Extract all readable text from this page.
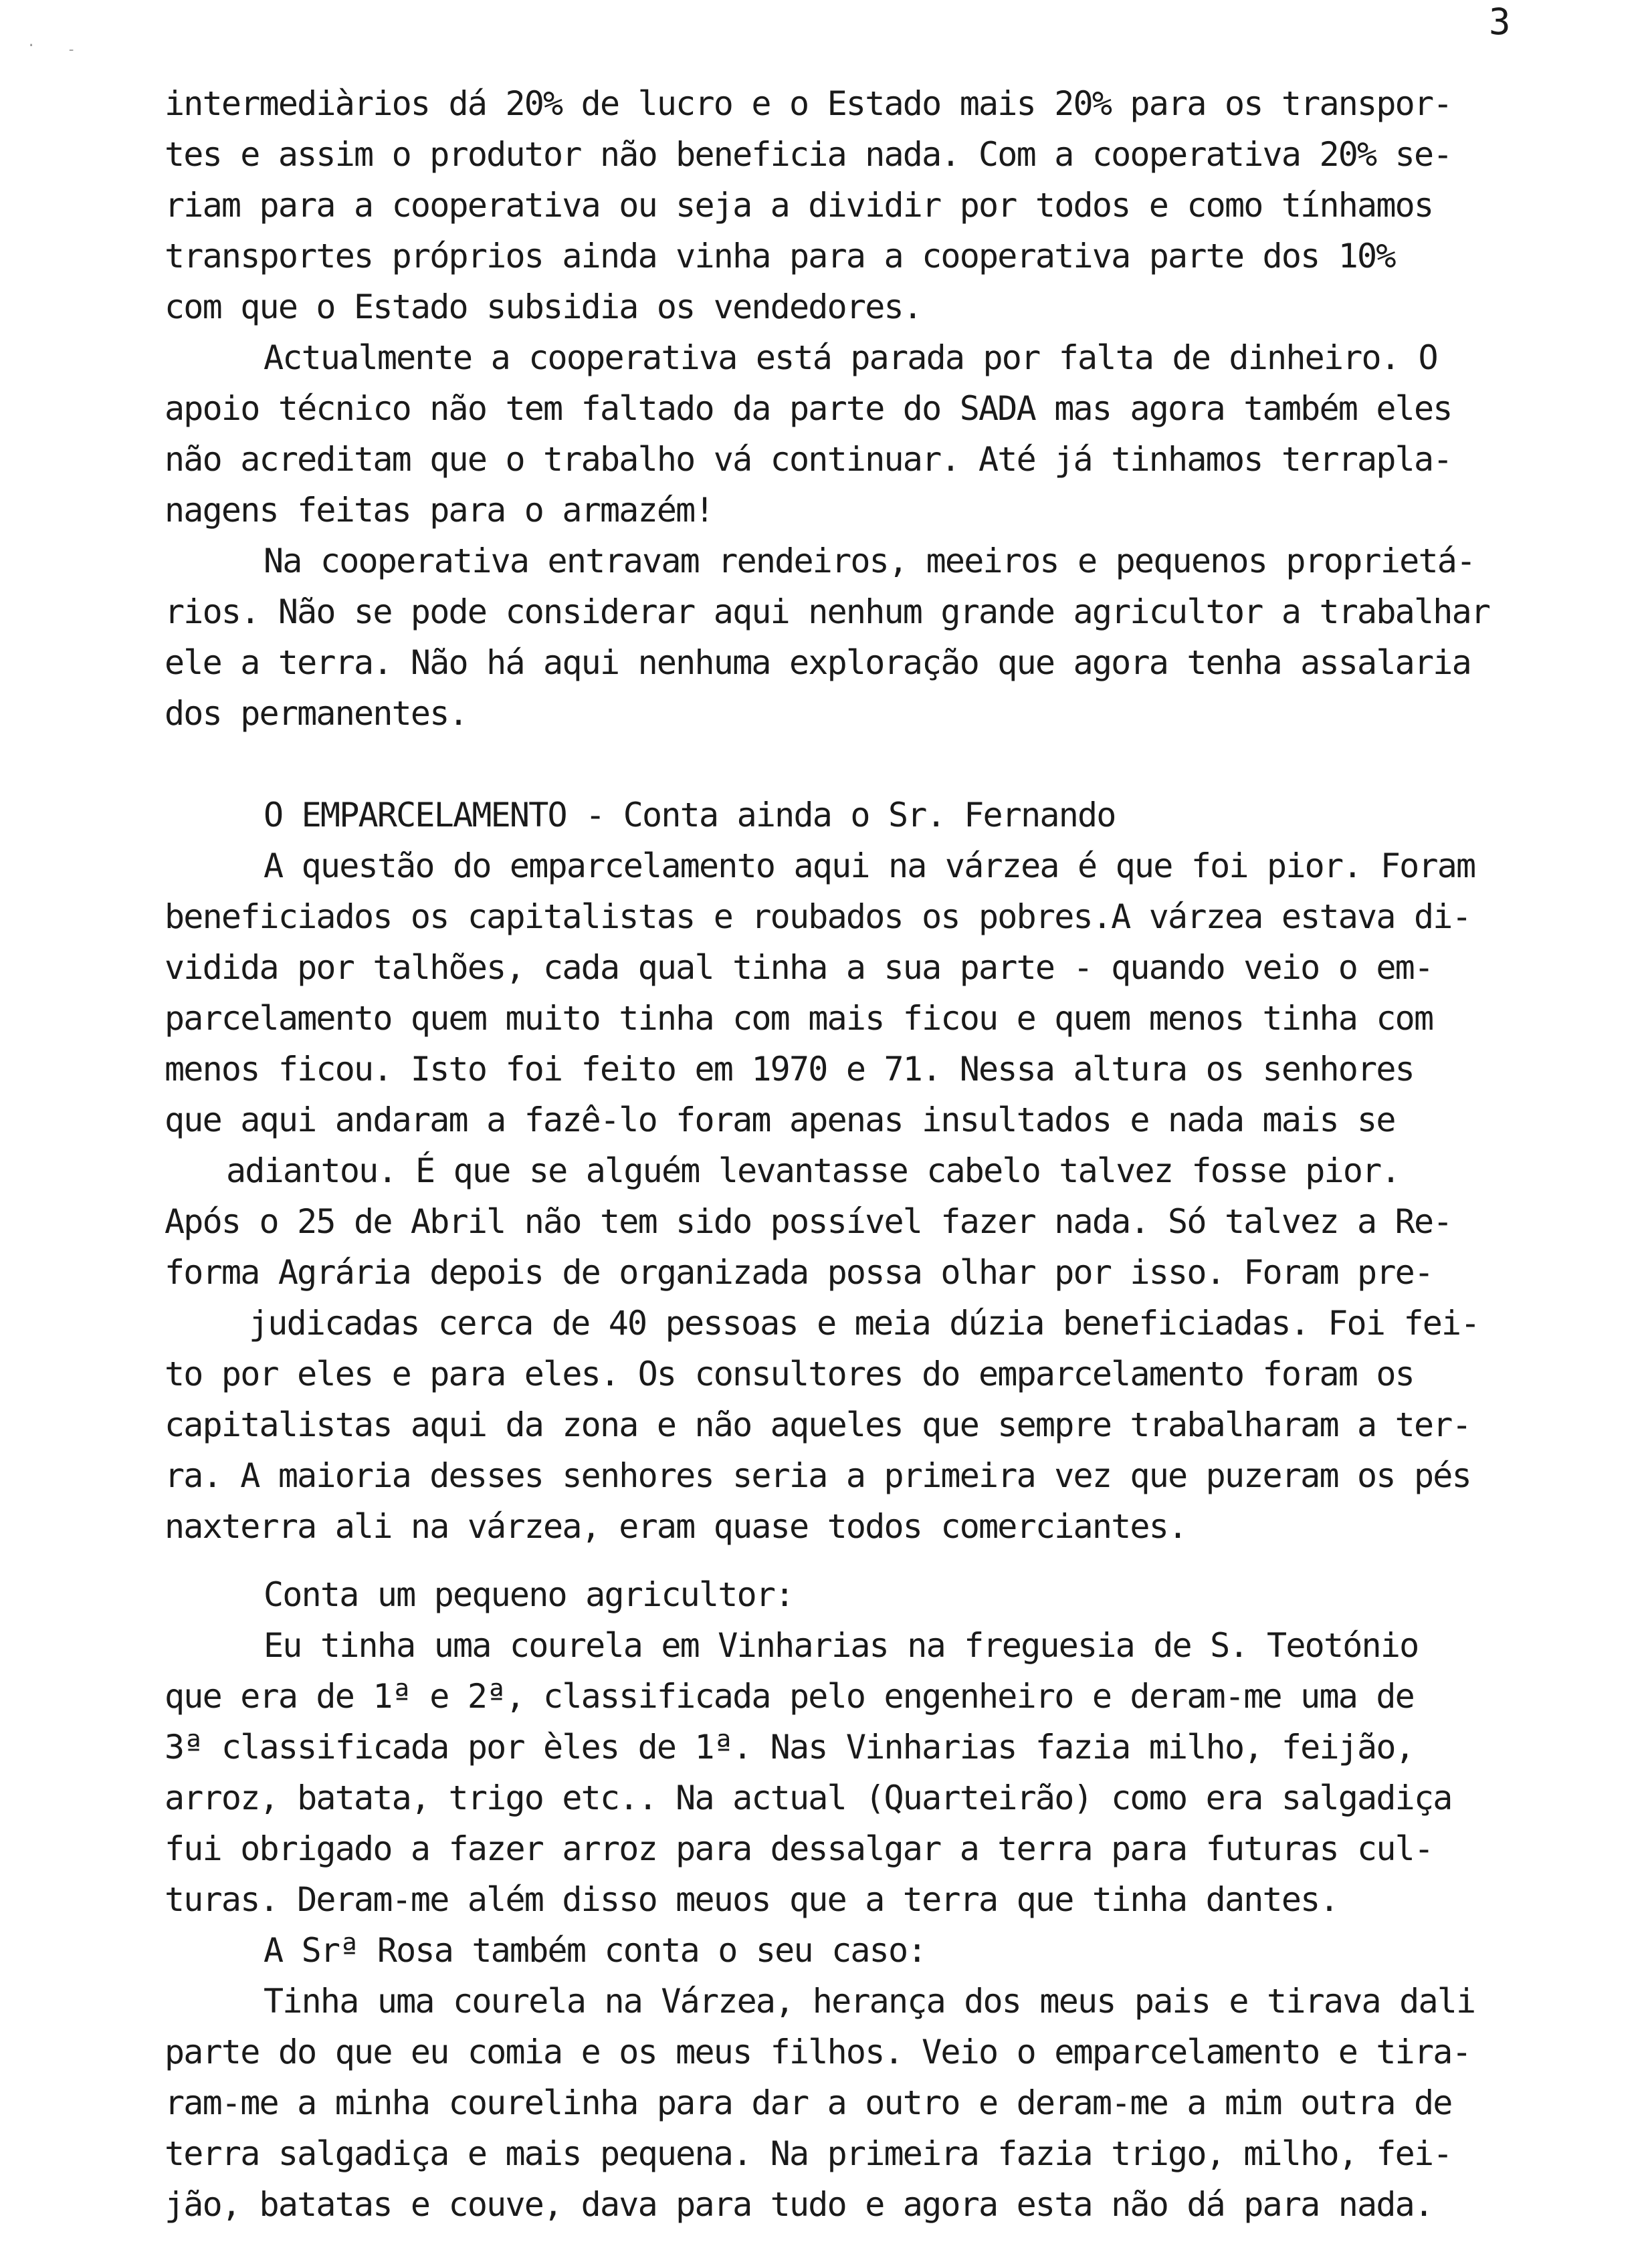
. -
3
intermediàrios dá 20% de lucro e o Estado mais 20% para os transpor-
tes e assim o produtor não beneficia nada. Com a cooperativa 20% se-
riam para a cooperativa ou seja a dividir por todos e como tínhamos
transportes próprios ainda vinha para a cooperativa parte dos 10%
com que o Estado subsidia os vendedores.
Actualmente a cooperativa está parada por falta de dinheiro. O
apoio técnico não tem faltado da parte do SADA mas agora também eles
não acreditam que o trabalho vá continuar. Até já tinhamos terrapla-
nagens feitas para o armazém!
Na cooperativa entravam rendeiros, meeiros e pequenos proprietá-
rios. Não se pode considerar aqui nenhum grande agricultor a trabalhar
ele a terra. Não há aqui nenhuma exploração que agora tenha assalaria
dos permanentes.
O EMPARCELAMENTO - Conta ainda o Sr. Fernando
A questão do emparcelamento aqui na várzea é que foi pior. Foram
beneficiados os capitalistas e roubados os pobres.A várzea estava di-
vidida por talhões, cada qual tinha a sua parte - quando veio o em-
parcelamento quem muito tinha com mais ficou e quem menos tinha com
menos ficou. Isto foi feito em 1970 e 71. Nessa altura os senhores
que aqui andaram a fazê-lo foram apenas insultados e nada mais se
adiantou. É que se alguém levantasse cabelo talvez fosse pior.
Após o 25 de Abril não tem sido possível fazer nada. Só talvez a Re-
forma Agrária depois de organizada possa olhar por isso. Foram pre-
judicadas cerca de 40 pessoas e meia dúzia beneficiadas. Foi fei-
to por eles e para eles. Os consultores do emparcelamento foram os
capitalistas aqui da zona e não aqueles que sempre trabalharam a ter-
ra. A maioria desses senhores seria a primeira vez que puzeram os pés
naxterra ali na várzea, eram quase todos comerciantes.
Conta um pequeno agricultor:
Eu tinha uma courela em Vinharias na freguesia de S. Teotónio
que era de 1ª e 2ª, classificada pelo engenheiro e deram-me uma de
3ª classificada por èles de 1ª. Nas Vinharias fazia milho, feijão,
arroz, batata, trigo etc.. Na actual (Quarteirão) como era salgadiça
fui obrigado a fazer arroz para dessalgar a terra para futuras cul-
turas. Deram-me além disso meuos que a terra que tinha dantes.
A Srª Rosa também conta o seu caso:
Tinha uma courela na Várzea, herança dos meus pais e tirava dali
parte do que eu comia e os meus filhos. Veio o emparcelamento e tira-
ram-me a minha courelinha para dar a outro e deram-me a mim outra de
terra salgadiça e mais pequena. Na primeira fazia trigo, milho, fei-
jão, batatas e couve, dava para tudo e agora esta não dá para nada.
